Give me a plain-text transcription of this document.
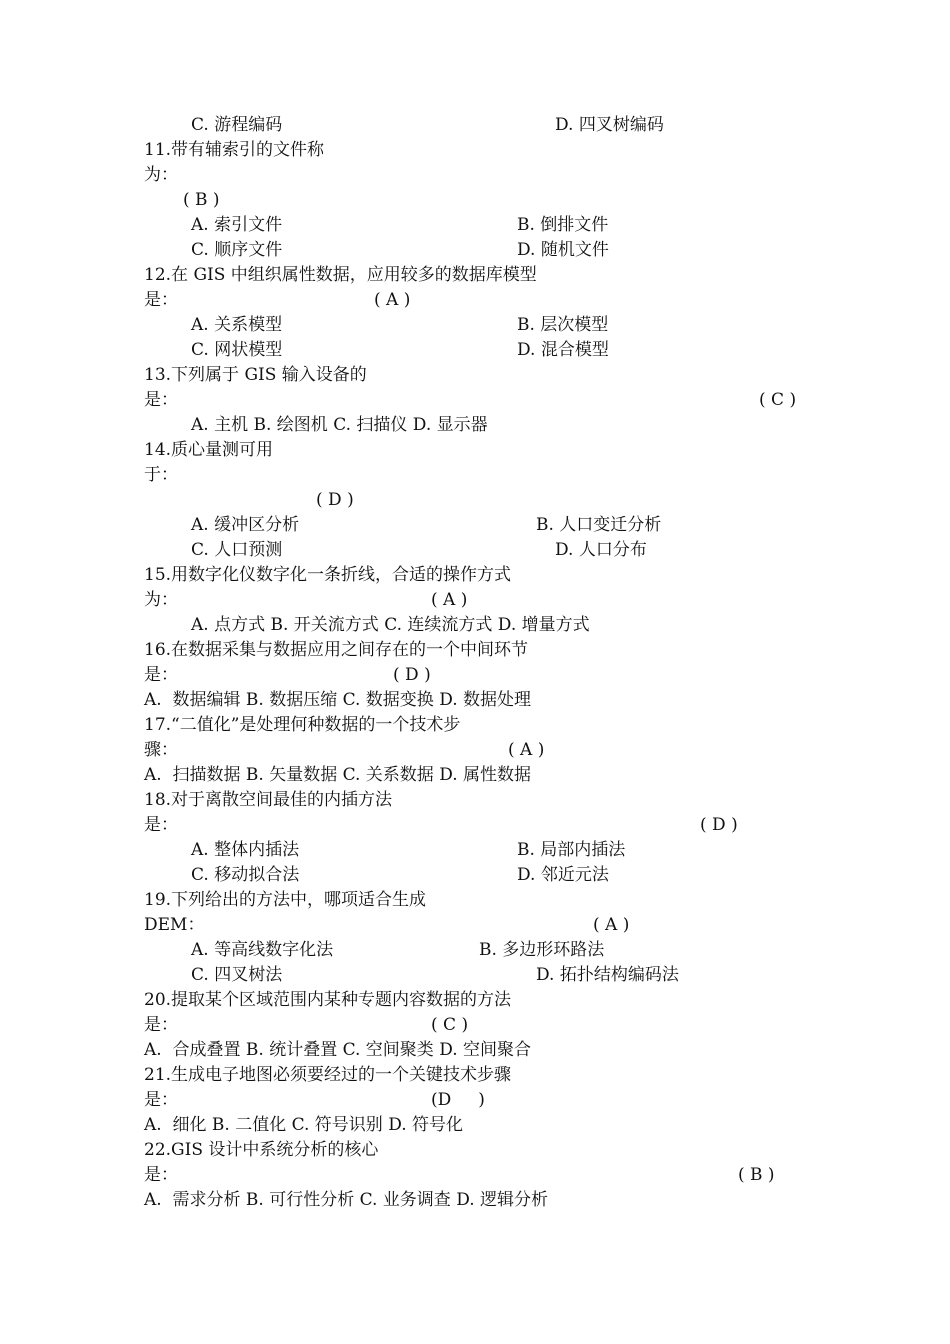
C. 游程编码	D. 四叉树编码
11.带有辅索引的文件称
为：
( B )
A. 索引文件	B. 倒排文件
C. 顺序文件	D. 随机文件
12.在 GIS 中组织属性数据，应用较多的数据库模型
是：	( A )
A. 关系模型	B. 层次模型
C. 网状模型	D. 混合模型
13.下列属于 GIS 输入设备的
是：	( C )
A. 主机 B. 绘图机 C. 扫描仪 D. 显示器
14.质心量测可用
于：
( D )
A. 缓冲区分析	B. 人口变迁分析
C. 人口预测	D. 人口分布
15.用数字化仪数字化一条折线，合适的操作方式
为：	( A )
A. 点方式 B. 开关流方式 C. 连续流方式 D. 增量方式
16.在数据采集与数据应用之间存在的一个中间环节
是：	( D )
A.  数据编辑 B. 数据压缩 C. 数据变换 D. 数据处理
17.“二值化”是处理何种数据的一个技术步
骤：	( A )
A.  扫描数据 B. 矢量数据 C. 关系数据 D. 属性数据
18.对于离散空间最佳的内插方法
是：	( D )
A. 整体内插法	B. 局部内插法
C. 移动拟合法	D. 邻近元法
19.下列给出的方法中，哪项适合生成
DEM：	( A )
A. 等高线数字化法	B. 多边形环路法
C. 四叉树法	D. 拓扑结构编码法
20.提取某个区域范围内某种专题内容数据的方法
是：	( C )
A.  合成叠置 B. 统计叠置 C. 空间聚类 D. 空间聚合
21.生成电子地图必须要经过的一个关键技术步骤
是：	(D     )
A.  细化 B. 二值化 C. 符号识别 D. 符号化
22.GIS 设计中系统分析的核心
是：	( B )
A.  需求分析 B. 可行性分析 C. 业务调查 D. 逻辑分析
